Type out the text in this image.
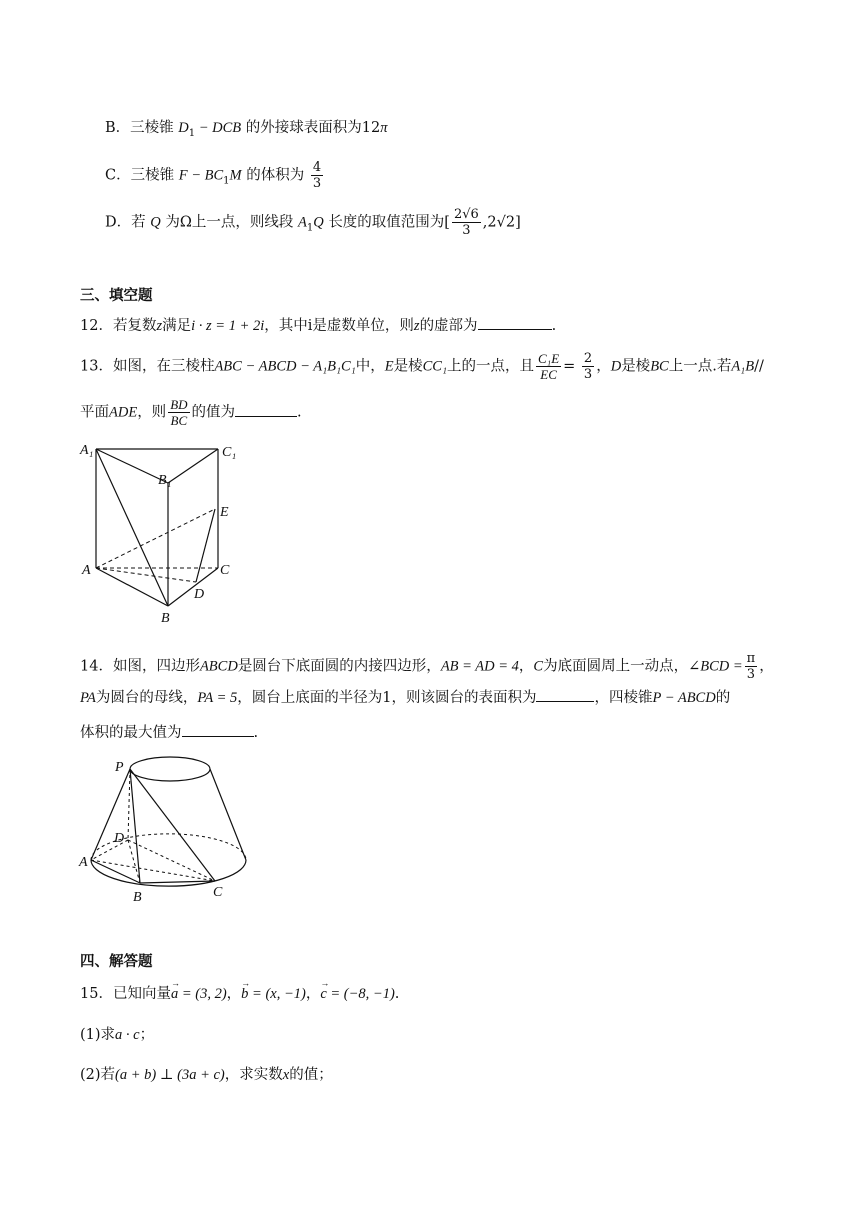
B．三棱锥 $D_1$ − DCB 的外接球表面积为12π
C．三棱锥 $F - BC_1M$ 的体积为 $\frac{4}{3}$
D．若 Q 为Ω上一点，则线段 $A_1Q$ 长度的取值范围为[ $\frac{2√6}{3} ,2√2$]
三、填空题
12．若复数z满足i · z = 1 + 2i，其中i是虚数单位，则z的虚部为	.
13．如图，在三棱柱ABC − ABCD − A₁B₁C₁中，E是棱CC₁上的一点，且 $\frac{\text{C₁E}}{EC} = \frac{2}{3}$ ，D是棱BC上一点.若A₁B//
平面ADE，则 $\frac{BD}{BC}$ 的值为	.
A₁	C₁
B₁
E
A	C
D
B
14．如图，四边形ABCD是圆台下底面圆的内接四边形，AB = AD = 4，C为底面圆周上一动点，∠BCD = $\frac{\pi}{3}$ ，
PA为圆台的母线，PA = 5，圆台上底面的半径为1，则该圆台的表面积为	，四棱锥P − ABCD的
体积的最大值为	.
P
D
A
B	C
四、解答题
15．已知向量→ a = (3, 2)，→ b = (x, −1)，→ c = (−8, −1).
(1)求a · c；
(2)若(a + b) ⊥ (3a + c)，求实数x的值；
